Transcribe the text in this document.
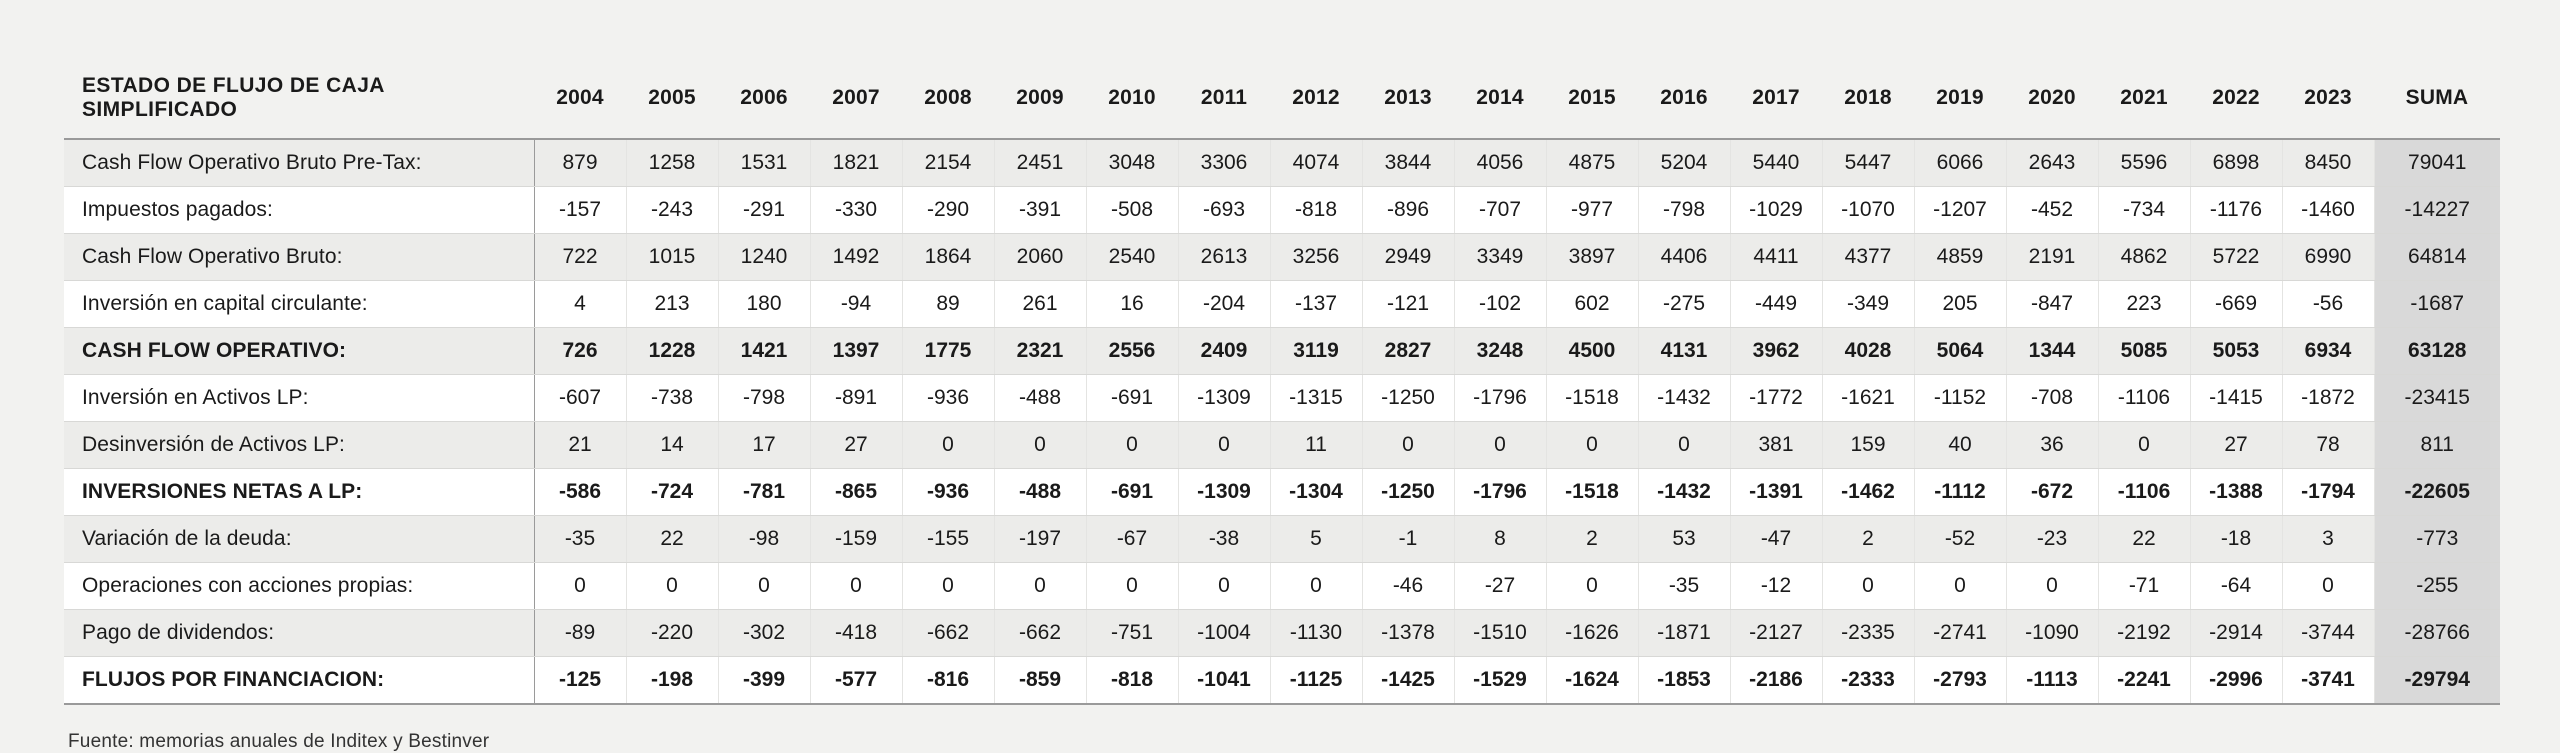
ESTADO DE FLUJO DE CAJA SIMPLIFICADO	2004	2005	2006	2007	2008	2009	2010	2011	2012	2013	2014	2015	2016	2017	2018	2019	2020	2021	2022	2023	SUMA
Cash Flow Operativo Bruto Pre-Tax:	879	1258	1531	1821	2154	2451	3048	3306	4074	3844	4056	4875	5204	5440	5447	6066	2643	5596	6898	8450	79041
Impuestos pagados:	-157	-243	-291	-330	-290	-391	-508	-693	-818	-896	-707	-977	-798	-1029	-1070	-1207	-452	-734	-1176	-1460	-14227
Cash Flow Operativo Bruto:	722	1015	1240	1492	1864	2060	2540	2613	3256	2949	3349	3897	4406	4411	4377	4859	2191	4862	5722	6990	64814
Inversión en capital circulante:	4	213	180	-94	89	261	16	-204	-137	-121	-102	602	-275	-449	-349	205	-847	223	-669	-56	-1687
CASH FLOW OPERATIVO:	726	1228	1421	1397	1775	2321	2556	2409	3119	2827	3248	4500	4131	3962	4028	5064	1344	5085	5053	6934	63128
Inversión en Activos LP:	-607	-738	-798	-891	-936	-488	-691	-1309	-1315	-1250	-1796	-1518	-1432	-1772	-1621	-1152	-708	-1106	-1415	-1872	-23415
Desinversión de Activos LP:	21	14	17	27	0	0	0	0	11	0	0	0	0	381	159	40	36	0	27	78	811
INVERSIONES NETAS A LP:	-586	-724	-781	-865	-936	-488	-691	-1309	-1304	-1250	-1796	-1518	-1432	-1391	-1462	-1112	-672	-1106	-1388	-1794	-22605
Variación de la deuda:	-35	22	-98	-159	-155	-197	-67	-38	5	-1	8	2	53	-47	2	-52	-23	22	-18	3	-773
Operaciones con acciones propias:	0	0	0	0	0	0	0	0	0	-46	-27	0	-35	-12	0	0	0	-71	-64	0	-255
Pago de dividendos:	-89	-220	-302	-418	-662	-662	-751	-1004	-1130	-1378	-1510	-1626	-1871	-2127	-2335	-2741	-1090	-2192	-2914	-3744	-28766
FLUJOS POR FINANCIACION:	-125	-198	-399	-577	-816	-859	-818	-1041	-1125	-1425	-1529	-1624	-1853	-2186	-2333	-2793	-1113	-2241	-2996	-3741	-29794
Fuente: memorias anuales de Inditex y Bestinver
